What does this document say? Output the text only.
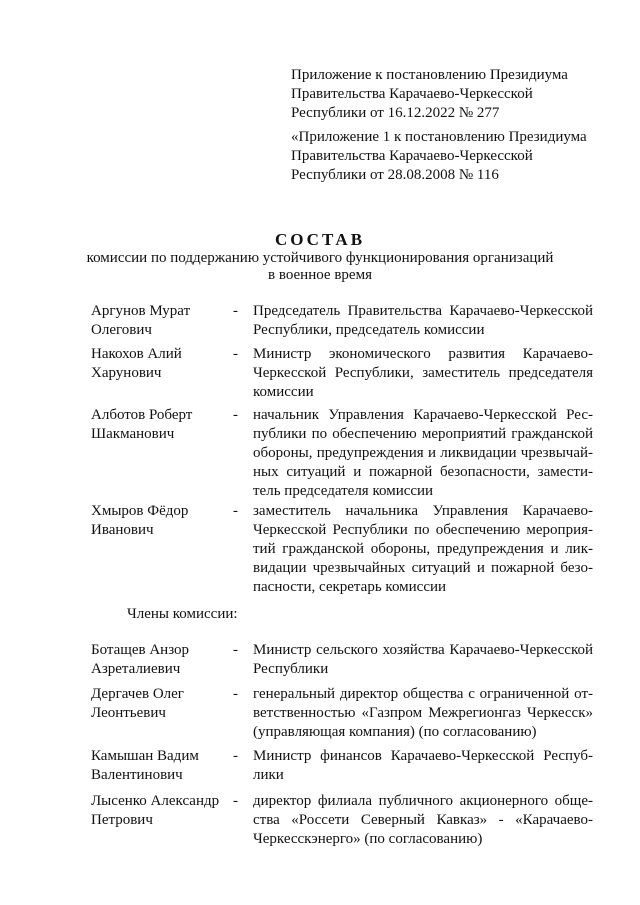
Приложение к постановлению Президиума
Правительства Карачаево-Черкесской
Республики от 16.12.2022 № 277
«Приложение 1 к постановлению Президиума
Правительства Карачаево-Черкесской
Республики от 28.08.2008 № 116
СОСТАВ
комиссии по поддержанию устойчивого функционирования организаций
в военное время
Аргунов Мурат
Олегович
- Председатель Правительства Карачаево-Черкесской
Республики, председатель комиссии
Накохов Алий
Харунович
- Министр экономического развития Карачаево-
Черкесской Республики, заместитель председателя
комиссии
Алботов Роберт
Шакманович
- начальник Управления Карачаево-Черкесской Рес-
публики по обеспечению мероприятий гражданской
обороны, предупреждения и ликвидации чрезвычай-
ных ситуаций и пожарной безопасности, замести-
тель председателя комиссии
Хмыров Фёдор
Иванович
- заместитель начальника Управления Карачаево-
Черкесской Республики по обеспечению мероприя-
тий гражданской обороны, предупреждения и лик-
видации чрезвычайных ситуаций и пожарной безо-
пасности, секретарь комиссии
Члены комиссии:
Ботащев Анзор
Азреталиевич
- Министр сельского хозяйства Карачаево-Черкесской
Республики
Дергачев Олег
Леонтьевич
- генеральный директор общества с ограниченной от-
ветственностью «Газпром Межрегионгаз Черкесск»
(управляющая компания) (по согласованию)
Камышан Вадим
Валентинович
- Министр финансов Карачаево-Черкесской Респуб-
лики
Лысенко Александр
Петрович
- директор филиала публичного акционерного обще-
ства «Россети Северный Кавказ» - «Карачаево-
Черкесскэнерго» (по согласованию)
